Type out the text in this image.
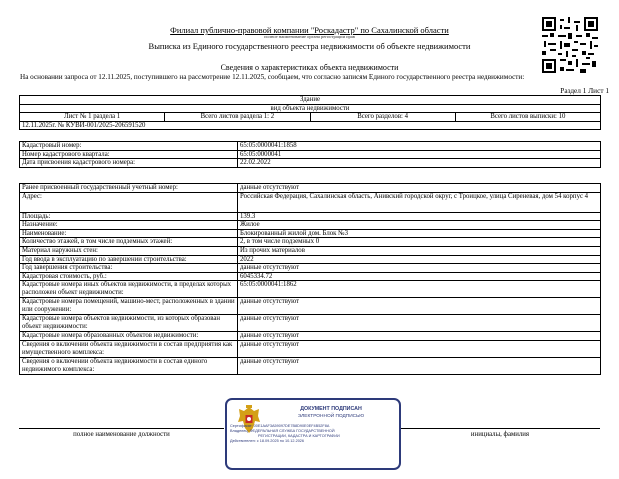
Филиал публично-правовой компании "Роскадастр" по Сахалинской области
полное наименование органа регистрации прав
Выписка из Единого государственного реестра недвижимости об объекте недвижимости
Сведения о характеристиках объекта недвижимости
На основании запроса от 12.11.2025, поступившего на рассмотрение 12.11.2025, сообщаем, что согласно записям Единого государственного реестра недвижимости:
Раздел 1 Лист 1
Здание
вид объекта недвижимости
Лист № 1 раздела 1	Всего листов раздела 1: 2	Всего разделов: 4	Всего листов выписки: 10
12.11.2025г. № КУВИ-001/2025-206591520
Кадастровый номер:	65:05:0000041:1858
Номер кадастрового квартала:	65:05:0000041
Дата присвоения кадастрового номера:	22.02.2022
Ранее присвоенный государственный учетный номер:	данные отсутствуют
Адрес:	Российская Федерация, Сахалинская область, Анивский городской округ, с Троицкое, улица Сиреневая, дом 54 корпус 4
Площадь:	139.3
Назначение:	Жилое
Наименование:	Блокированный жилой дом. Блок №3
Количество этажей, в том числе подземных этажей:	2, в том числе подземных 0
Материал наружных стен:	Из прочих материалов
Год ввода в эксплуатацию по завершении строительства:	2022
Год завершения строительства:	данные отсутствуют
Кадастровая стоимость, руб.:	6045334.72
Кадастровые номера иных объектов недвижимости, в пределах которых расположен объект недвижимости:	65:05:0000041:1862
Кадастровые номера помещений, машино-мест, расположенных в здании или сооружении:	данные отсутствуют
Кадастровые номера объектов недвижимости, из которых образован объект недвижимости:	данные отсутствуют
Кадастровые номера образованных объектов недвижимости:	данные отсутствуют
Сведения о включении объекта недвижимости в состав предприятия как имущественного комплекса:	данные отсутствуют
Сведения о включении объекта недвижимости в состав единого недвижимого комплекса:	данные отсутствуют
полное наименование должности	инициалы, фамилия
ДОКУМЕНТ ПОДПИСАН
ЭЛЕКТРОННОЙ ПОДПИСЬЮ
Сертификат: 00E1AAF3A59097DE7B8D90E0EF4B52F8A
Владелец: ФЕДЕРАЛЬНАЯ СЛУЖБА ГОСУДАРСТВЕННОЙ
РЕГИСТРАЦИИ, КАДАСТРА И КАРТОГРАФИИ
Действителен: с 18.09.2025 по 10.12.2026
